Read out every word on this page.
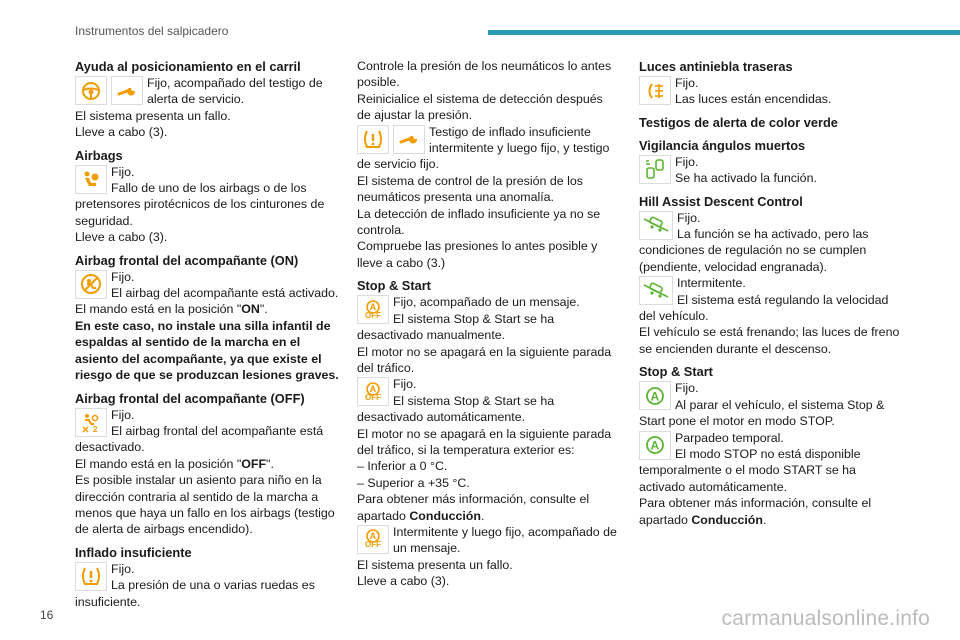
Instrumentos del salpicadero
Ayuda al posicionamiento en el carril

Fijo, acompañado del testigo de alerta de servicio.

El sistema presenta un fallo.

Lleve a cabo (3).

Airbags

Fijo.

Fallo de uno de los airbags o de los pretensores pirotécnicos de los cinturones de seguridad.

Lleve a cabo (3).

Airbag frontal del acompañante (ON)

Fijo.

El airbag del acompañante está activado.

El mando está en la posición "ON".

En este caso, no instale una silla infantil de espaldas al sentido de la marcha en el asiento del acompañante, ya que existe el riesgo de que se produzcan lesiones graves.

Airbag frontal del acompañante (OFF)
2

Fijo.

El airbag frontal del acompañante está desactivado.

El mando está en la posición "OFF".

Es posible instalar un asiento para niño en la dirección contraria al sentido de la marcha a menos que haya un fallo en los airbags (testigo de alerta de airbags encendido).

Inflado insuficiente

Fijo.

La presión de una o varias ruedas es insuficiente.

Controle la presión de los neumáticos lo antes posible.

Reinicialice el sistema de detección después de ajustar la presión.

Testigo de inflado insuficiente intermitente y luego fijo, y testigo de servicio fijo.

El sistema de control de la presión de los neumáticos presenta una anomalía.

La detección de inflado insuficiente ya no se controla.

Compruebe las presiones lo antes posible y lleve a cabo (3.)

Stop & Start
A
OFF

Fijo, acompañado de un mensaje.

El sistema Stop & Start se ha desactivado manualmente.

El motor no se apagará en la siguiente parada del tráfico.

A
OFF

Fijo.

El sistema Stop & Start se ha desactivado automáticamente.

El motor no se apagará en la siguiente parada del tráfico, si la temperatura exterior es:

– Inferior a 0 °C.

– Superior a +35 °C.

Para obtener más información, consulte el apartado Conducción.

A
OFF

Intermitente y luego fijo, acompañado de un mensaje.

El sistema presenta un fallo.

Lleve a cabo (3).

Luces antiniebla traseras

Fijo.

Las luces están encendidas.

Testigos de alerta de color verde
Vigilancia ángulos muertos

Fijo.

Se ha activado la función.

Hill Assist Descent Control

Fijo.

La función se ha activado, pero las condiciones de regulación no se cumplen (pendiente, velocidad engranada).

Intermitente.

El sistema está regulando la velocidad del vehículo.

El vehículo se está frenando; las luces de freno se encienden durante el descenso.

Stop & Start
A

Fijo.

Al parar el vehículo, el sistema Stop & Start pone el motor en modo STOP.

A

Parpadeo temporal.

El modo STOP no está disponible temporalmente o el modo START se ha activado automáticamente.

Para obtener más información, consulte el apartado Conducción.

16	carmanualsonline.info
